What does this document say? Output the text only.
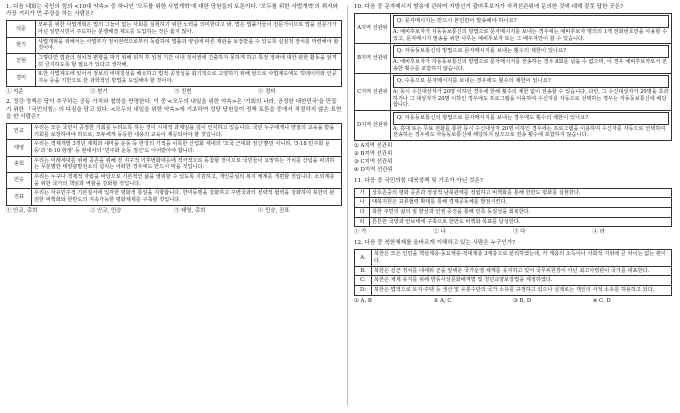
1. 다음 대화는 국민의 힘의 <10대 약속> 중 하나인 '모두를 위한 사법개혁'에 대한 당원들의 토론이다. '모두를 위한 사법개혁'의 취지와 가장 거리가 먼 주장을 하는 사람은?
석준	모두를 위한 사법개혁은 법의 그늘이 없는 사회를 실현하기 위한 노력을 의미한다고 봐. 법은 법률가들이 전문가이므로 법을 전문가가 아닌 일반시민이 주도하는 분쟁해결 제도를 도입하는 것은 옳지 않아.
현기	사법개혁을 위해서는 사법부가 정치권력으로부터 독립하여 법률과 양심에 따른 재판을 보장받을 수 있도록 실질적 장치를 마련해야 할 것이야.
진현	그렇다면 법관의 정치적 편향을 막기 위해 퇴직 후 일정 기간 이내 정치권에 진출하지 못하게 하고 특정 정파에 대한 판한 활동을 엄격히 금지하도록 할 필요가 있다고 생각해.
경미	또한 사법제도에 있어서 정보의 비대칭성을 해소하고 법적 공정성을 회기적으로 고양하기 위해 앞으로 사법제도에도 빅데이터와 인공지능 등을 기반으로 한 과학적인 방법을 도입해야 할 것이야.
① 석준	② 현기	③ 진현	④ 경미
2. 정강·정책은 당이 추구하는 공동 가치와 철학을 반영한다. 이 중 <모두의 내일을 위한 약속>은 '기회의 나라, 공정한 대한민국'을 만들기 위한 『국민의힘』의 다짐을 담고 있다. <모두의 내일을 위한 약속>에 기초하여 정당 당원들이 정책 토론을 중에서 적절하지 않은 표현을 한 사람은?
안교	우리는 모든 국민이 공정한 기회를 누리도록 하는 것이 시대적 과제임을 깊이 인식하고 있습니다. 국민 누구에게나 양질의 교육을 받을 기회를 보장하여야 하므로, 모두에게 동등한 내용의 교육이 제공되어야 할 것입니다.
태영	우리는 경제개발 3개년 계획과 새마을 운동 등 한강의 기적을 이룩한 산업화 세대의 '조국 근대화 정신'뿐만 아니라, '5·18 민주화 운동'과 '6·10 항쟁' 등 현대사의 '민주화 운동 정신'도 이어받아야 합니다.
총희	우리는 미래세대를 위해 공존을 위해 전 지구적 기후변화대응에 적극적으로 동참할 것이므로 국민들이 요망하는 가치를 산림을 파괴하는 무분별한 태양광발전소의 설치는 어떠한 경우에도 반드시 막을 것입니다.
민승	우리는 누구나 경제적 자립을 바탕으로 기본적인 삶을 영위할 수 있도록 지원하고, 개인중심의 복지 체계를 개편할 것입니다. 소외계층을 위한 국가의 책임과 역할을 강화할 것입니다.
진표	우리는 자유민주적 기본질서에 입각한 평화적 통일을 지향합니다. 한미동맹을 강화하고 주변국과의 전략적 협력을 강화하여 북한의 완전한 비핵화와 한반도의 지속가능한 평화체제를 구축할 것입니다.
① 안교, 총희	② 안교, 민승	③ 태영, 총희	④ 민승, 진표
10. 다음 중 문자메시지 발송에 관하여 지방선거 출마후보자가 자격선관위에 문의한 것에 대해 잘못 답한 곳은?
A지역 선관위	Q: 문자메시지는 반드시 본인만이 발송해야 하나요?
A: 예비후보자가 자동동보통신의 방법으로 문자메시지를 보내는 경우에는 예비후보자 명의의 1개 전화번호만을 사용할 수 있고, 문자메시지 발송을 위한 사무는 예비후보자 또는 그 배우자만이 할 수 있습니다.

B지역 선관위	Q: 자동동보통신의 방법으로 문자메시지를 보내는 횟수의 제한이 있나요?
A: 예비후보자가 자동동보통신의 방법으로 문자메시지를 전송하는 경우 8회를 넘을 수 없으며, 이 경우 예비후보자로서 전송한 횟수를 포함하지 않습니다.

C지역 선관위	Q: 수동으로 문자메시지를 보내는 경우에도 횟수의 제한이 있나요?
A: 동시 수신대상자가 20명 이하인 경우에 한해 횟수의 제한 없이 전송할 수 있습니다. 다만, 그 수신대상자가 20명을 초과하거나 그 대상자가 20명 이하인 경우에도 프로그램을 이용하여 수신자를 자동으로 선택하는 경우는 자동동보통신에 해당합니다.

D지역 선관위	Q: 자동동보통신의 방법으로 문자메시지를 보내는 경우에도 횟수의 제한이 있나요?
A: 휴대 또는 무료 전화를 통한 동시 수신대상자 20명 이하인 경우에는 프로그램을 이용하여 수신자를 자동으로 선택하여 전송하는 경우에도 자동동보통신에 해당하지 않으므로 전송 횟수에 포함하지 않습니다.
① A지역 선관위
② B지역 선관위
③ C지역 선관위
④ D지역 선관위
11. 다음 중 국민의힘 대북정책 및 기조가 아닌 것은?
가	상호존중의 평화 공존과 정상적 남북관계를 정립하고 비핵화를 통해 한반도 평화를 실현한다.
나	대북지원은 교류협력 확대를 통해 경제공동체를 발전시킨다.
다	북한 주민의 삶의 질 향상과 인권 증진을 통해 민족 동질성을 회복한다.
라	튼튼한 국방과 안보태세 구축으로 한반도 비핵화 목표를 달성한다.
① 가	② 나	③ 다	④ 라
12. 다음 중 북한체제를 올바르게 이해하고 있는 사람은 누구인가?
A:	북한은 모든 인민을 핵심계층·동요계층·적대계층 3계층으로 분리하였는데, 각 계층의 소득이나 사회적 지위에 큰 차이는 없는 편이다.
B:	북한은 선군 정치를 내세워 군을 앞세운 국가운영 체계를 유지하고 있어 국무위원장이 아닌 최고사령관이 국가를 대표한다.
C:	북한은 체제 유지를 위해 반동사상문화배격법 및 청년교양보장법을 제정하였다.
D:	북한은 법적으로 토지·주택 등 생산 및 유통수단의 국가 소유를 규정하고 있으나 실제로는 개인의 사적 소유를 허용하고 있다.
① A, B	② A, C	③ B, D	④ C, D
